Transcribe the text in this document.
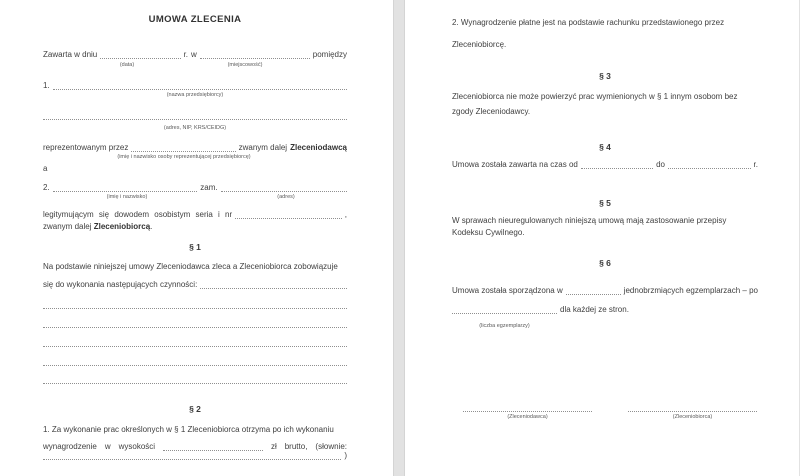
UMOWA ZLECENIA
Zawarta w dniu	r. w	pomiędzy
(data)	(miejscowość)
1.
(nazwa przedsiębiorcy)
(adres, NIP, KRS/CEIDG)
reprezentowanym przez	zwanym dalej Zleceniodawcą
(imię i nazwisko osoby reprezentującej przedsiębiorcę)
a
2.	zam.
(imię i nazwisko)	(adres)
legitymującym się dowodem osobistym seria i nr	,
zwanym dalej Zleceniobiorcą.
§ 1
Na podstawie niniejszej umowy Zleceniodawca zleca a Zleceniobiorca zobowiązuje
się do wykonania następujących czynności:
§ 2
1. Za wykonanie prac określonych w § 1 Zleceniobiorca otrzyma po ich wykonaniu
wynagrodzenie w wysokości	zł brutto, (słownie:
)
2. Wynagrodzenie płatne jest na podstawie rachunku przedstawionego przez
Zleceniobiorcę.
§ 3
Zleceniobiorca nie może powierzyć prac wymienionych w § 1 innym osobom bez
zgody Zleceniodawcy.
§ 4
Umowa została zawarta na czas od	do	r.
§ 5
W sprawach nieuregulowanych niniejszą umową mają zastosowanie przepisy
Kodeksu Cywilnego.
§ 6
Umowa została sporządzona w	jednobrzmiących egzemplarzach – po
dla każdej ze stron.
(liczba egzemplarzy)
(Zleceniodawca)	(Zleceniobiorca)
